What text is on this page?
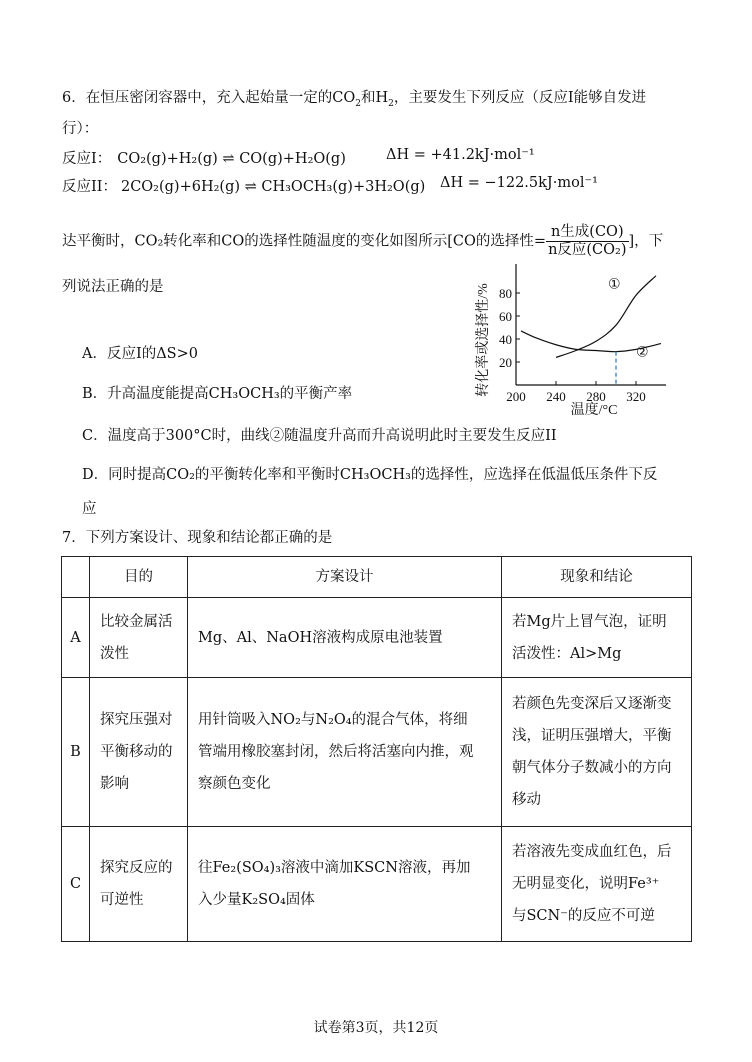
6．在恒压密闭容器中，充入起始量一定的$CO_2$和$H_2$，主要发生下列反应（反应I能够自发进
行）：
反应I： CO₂(g)+H₂(g) ⇌ CO(g)+H₂O(g)	ΔH = +41.2kJ·mol⁻¹
反应II： 2CO₂(g)+6H₂(g) ⇌ CH₃OCH₃(g)+3H₂O(g) ΔH = −122.5kJ·mol⁻¹
达平衡时，CO₂转化率和CO的选择性随温度的变化如图所示[CO的选择性= $\frac{\text{n生成(CO)}}{\text{n反应(CO₂)}}$ ]，下
列说法正确的是	转化率或选择性/% 20
40
60
80
200 240 280 320
①
②
温度/°C
A．反应I的ΔS>0
B．升高温度能提高CH₃OCH₃的平衡产率
C．温度高于300°C时，曲线②随温度升高而升高说明此时主要发生反应II
D．同时提高CO₂的平衡转化率和平衡时CH₃OCH₃的选择性，应选择在低温低压条件下反
应
7．下列方案设计、现象和结论都正确的是
	目的	方案设计	现象和结论
A	比较金属活
泼性	Mg、Al、NaOH溶液构成原电池装置	若Mg片上冒气泡，证明
活泼性：Al>Mg

B	探究压强对
平衡移动的
影响	用针筒吸入NO₂与N₂O₄的混合气体，将细
管端用橡胶塞封闭，然后将活塞向内推，观
察颜色变化	若颜色先变深后又逐渐变
浅，证明压强增大，平衡
朝气体分子数减小的方向
移动

C	探究反应的
可逆性	往Fe₂(SO₄)₃溶液中滴加KSCN溶液，再加
入少量K₂SO₄固体	若溶液先变成血红色，后
无明显变化，说明Fe³⁺
与SCN⁻的反应不可逆
试卷第3页，共12页
